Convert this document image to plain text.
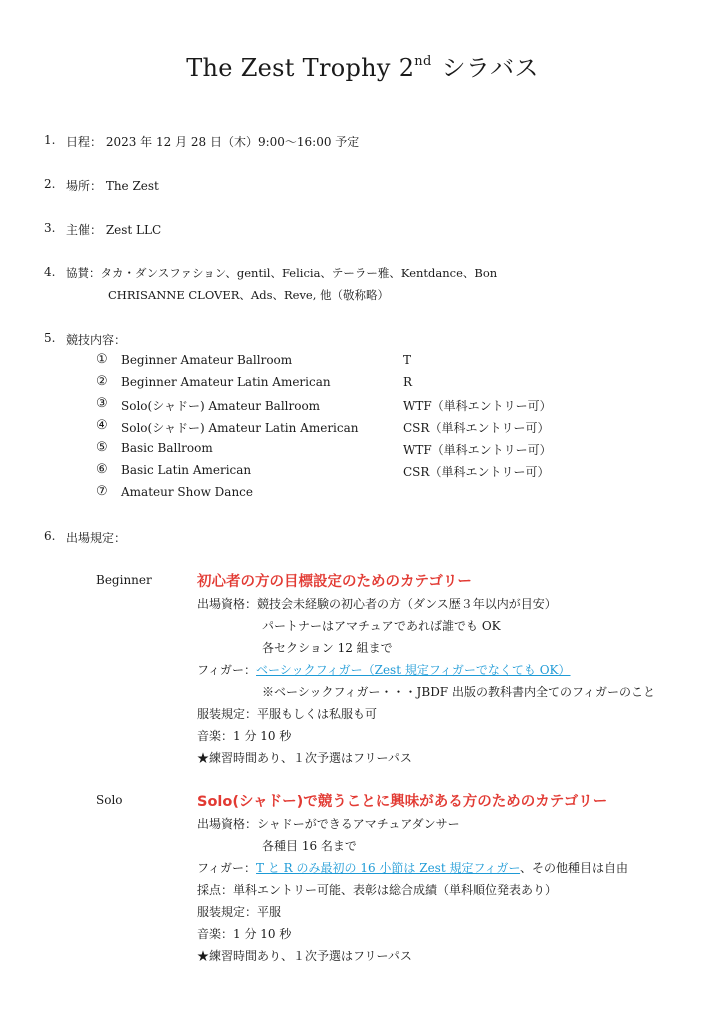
The Zest Trophy 2nd シラバス
1. 日程： 2023 年 12 月 28 日（木）9:00～16:00 予定
2. 場所： The Zest
3. 主催： Zest LLC
4. 協賛：タカ・ダンスファション、gentil、Felicia、テーラー雅、Kentdance、Bon
CHRISANNE CLOVER、Ads、Reve, 他（敬称略）
5. 競技内容：
① Beginner Amateur Ballroom	T
② Beginner Amateur Latin American	R
③ Solo(シャドー) Amateur Ballroom	WTF（単科エントリー可）
④ Solo(シャドー) Amateur Latin American	CSR（単科エントリー可）
⑤ Basic Ballroom	WTF（単科エントリー可）
⑥ Basic Latin American	CSR（単科エントリー可）
⑦ Amateur Show Dance
6. 出場規定：
Beginner	初心者の方の目標設定のためのカテゴリー
出場資格：競技会未経験の初心者の方（ダンス歴３年以内が目安）
パートナーはアマチュアであれば誰でも OK
各セクション 12 組まで
フィガー：ベーシックフィガー（Zest 規定フィガーでなくても OK）
※ベーシックフィガー・・・JBDF 出版の教科書内全てのフィガーのこと
服装規定：平服もしくは私服も可
音楽：1 分 10 秒
★練習時間あり、１次予選はフリーパス
Solo	Solo(シャドー)で競うことに興味がある方のためのカテゴリー
出場資格：シャドーができるアマチュアダンサー
各種目 16 名まで
フィガー：T と R のみ最初の 16 小節は Zest 規定フィガー、その他種目は自由
採点：単科エントリー可能、表彰は総合成績（単科順位発表あり）
服装規定：平服
音楽：1 分 10 秒
★練習時間あり、１次予選はフリーパス
